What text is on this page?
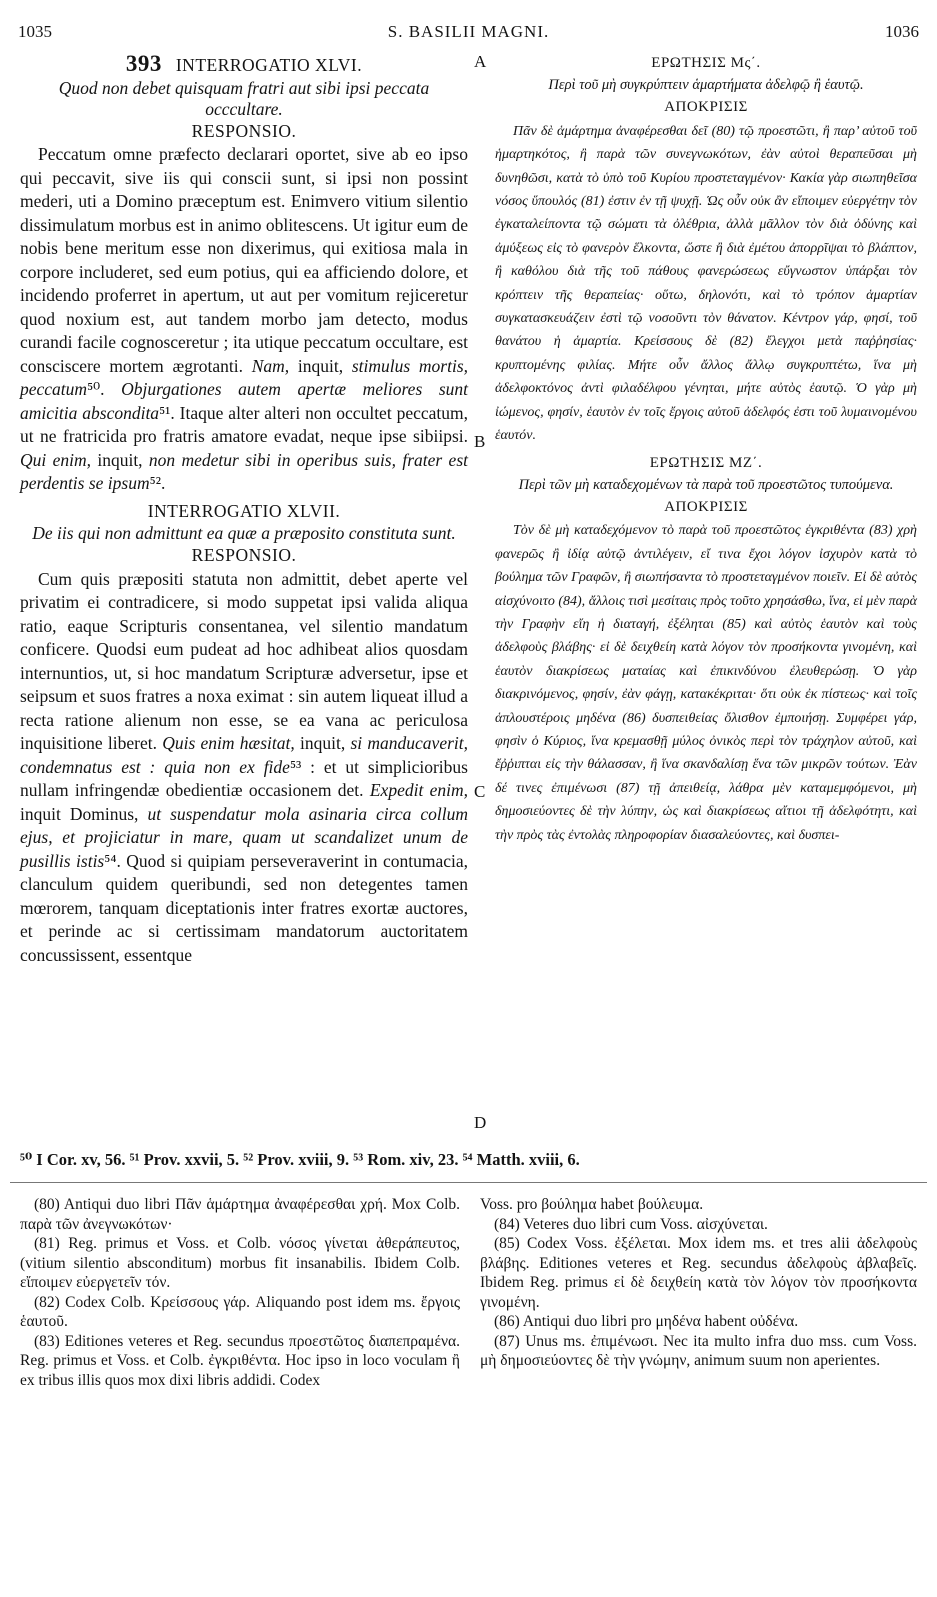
1035	S. BASILII MAGNI.	1036
A
B
C
D
393 INTERROGATIO XLVI.

Quod non debet quisquam fratri aut sibi ipsi peccata occcultare.

RESPONSIO.

Peccatum omne præfecto declarari oportet, sive ab eo ipso qui peccavit, sive iis qui conscii sunt, si ipsi non possint mederi, uti a Domino præceptum est. Enimvero vitium silentio dissimulatum morbus est in animo oblitescens. Ut igitur eum de nobis bene meritum esse non dixerimus, qui exitiosa mala in corpore includeret, sed eum potius, qui ea afficiendo dolore, et incidendo proferret in apertum, ut aut per vomitum rejiceretur quod noxium est, aut tandem morbo jam detecto, modus curandi facile cognosceretur ; ita utique peccatum occultare, est consciscere mortem ægrotanti. Nam, inquit, stimulus mortis, peccatum⁵⁰. Objurgationes autem apertæ meliores sunt amicitia abscondita⁵¹. Itaque alter alteri non occultet peccatum, ut ne fratricida pro fratris amatore evadat, neque ipse sibiipsi. Qui enim, inquit, non medetur sibi in operibus suis, frater est perdentis se ipsum⁵².

INTERROGATIO XLVII.

De iis qui non admittunt ea quæ a præposito constituta sunt.

RESPONSIO.

Cum quis præpositi statuta non admittit, debet aperte vel privatim ei contradicere, si modo suppetat ipsi valida aliqua ratio, eaque Scripturis consentanea, vel silentio mandatum conficere. Quodsi eum pudeat ad hoc adhibeat alios quosdam internuntios, ut, si hoc mandatum Scripturæ adversetur, ipse et seipsum et suos fratres a noxa eximat : sin autem liqueat illud a recta ratione alienum non esse, se ea vana ac periculosa inquisitione liberet. Quis enim hæsitat, inquit, si manducaverit, condemnatus est : quia non ex fide⁵³ : et ut simplicioribus nullam infringendæ obedientiæ occasionem det. Expedit enim, inquit Dominus, ut suspendatur mola asinaria circa collum ejus, et projiciatur in mare, quam ut scandalizet unum de pusillis istis⁵⁴. Quod si quipiam perseveraverint in contumacia, clanculum quidem queribundi, sed non detegentes tamen mœrorem, tanquam diceptationis inter fratres exortæ auctores, et perinde ac si certissimam mandatorum auctoritatem concussissent, essentque

ΕΡΩΤΗΣΙΣ Μς΄.

Περὶ τοῦ μὴ συγκρύπτειν ἁμαρτήματα ἀδελφῷ ἢ ἑαυτῷ.

ΑΠΟΚΡΙΣΙΣ

Πᾶν δὲ ἁμάρτημα ἀναφέρεσθαι δεῖ (80) τῷ προεστῶτι, ἢ παρ’ αὐτοῦ τοῦ ἡμαρτηκότος, ἢ παρὰ τῶν συνεγνωκότων, ἐὰν αὐτοὶ θεραπεῦσαι μὴ δυνηθῶσι, κατὰ τὸ ὑπὸ τοῦ Κυρίου προστεταγμένον· Κακία γὰρ σιωπηθεῖσα νόσος ὕπουλός (81) ἐστιν ἐν τῇ ψυχῇ. Ὡς οὖν οὐκ ἂν εἴποιμεν εὐεργέτην τὸν ἐγκαταλείποντα τῷ σώματι τὰ ὀλέθρια, ἀλλὰ μᾶλλον τὸν διὰ ὀδύνης καὶ ἀμύξεως εἰς τὸ φανερὸν ἕλκοντα, ὥστε ἢ διὰ ἐμέτου ἀπορρῖψαι τὸ βλάπτον, ἢ καθόλου διὰ τῆς τοῦ πάθους φανερώσεως εὔγνωστον ὑπάρξαι τὸν κρόπτειν τῆς θεραπείας· οὕτω, δηλονότι, καὶ τὸ τρόπον ἁμαρτίαν συγκατασκευάζειν ἐστὶ τῷ νοσοῦντι τὸν θάνατον. Κέντρον γάρ, φησί, τοῦ θανάτου ἡ ἁμαρτία. Κρείσσους δὲ (82) ἔλεγχοι μετὰ παῤῥησίας· κρυπτομένης φιλίας. Μήτε οὖν ἄλλος ἄλλῳ συγκρυπτέτω, ἵνα μὴ ἀδελφοκτόνος ἀντὶ φιλαδέλφου γένηται, μήτε αὐτὸς ἑαυτῷ. Ὁ γὰρ μὴ ἰώμενος, φησίν, ἑαυτὸν ἐν τοῖς ἔργοις αὐτοῦ ἀδελφός ἐστι τοῦ λυμαινομένου ἑαυτόν.

ΕΡΩΤΗΣΙΣ ΜΖ΄.

Περὶ τῶν μὴ καταδεχομένων τὰ παρὰ τοῦ προεστῶτος τυπούμενα.

ΑΠΟΚΡΙΣΙΣ

Τὸν δὲ μὴ καταδεχόμενον τὸ παρὰ τοῦ προεστῶτος ἐγκριθέντα (83) χρὴ φανερῶς ἢ ἰδίᾳ αὐτῷ ἀντιλέγειν, εἴ τινα ἔχοι λόγον ἰσχυρὸν κατὰ τὸ βούλημα τῶν Γραφῶν, ἢ σιωπήσαντα τὸ προστεταγμένον ποιεῖν. Εἰ δὲ αὐτὸς αἰσχύνοιτο (84), ἄλλοις τισὶ μεσίταις πρὸς τοῦτο χρησάσθω, ἵνα, εἰ μὲν παρὰ τὴν Γραφὴν εἴη ἡ διαταγή, ἐξέληται (85) καὶ αὐτὸς ἑαυτὸν καὶ τοὺς ἀδελφοὺς βλάβης· εἰ δὲ δειχθείη κατὰ λόγον τὸν προσήκοντα γινομένη, καὶ ἑαυτὸν διακρίσεως ματαίας καὶ ἐπικινδύνου ἐλευθερώσῃ. Ὁ γὰρ διακρινόμενος, φησίν, ἐὰν φάγῃ, κατακέκριται· ὅτι οὐκ ἐκ πίστεως· καὶ τοῖς ἁπλουστέροις μηδένα (86) δυσπειθείας ὄλισθον ἐμποιήσῃ. Συμφέρει γάρ, φησὶν ὁ Κύριος, ἵνα κρεμασθῇ μύλος ὀνικὸς περὶ τὸν τράχηλον αὐτοῦ, καὶ ἔῤῥιπται εἰς τὴν θάλασσαν, ἢ ἵνα σκανδαλίσῃ ἕνα τῶν μικρῶν τούτων. Ἐὰν δέ τινες ἐπιμένωσι (87) τῇ ἀπειθείᾳ, λάθρα μὲν καταμεμφόμενοι, μὴ δημοσιεύοντες δὲ τὴν λύπην, ὡς καὶ διακρίσεως αἴτιοι τῇ ἀδελφότητι, καὶ τὴν πρὸς τὰς ἐντολὰς πληροφορίαν διασαλεύοντες, καὶ δυσπει-

⁵⁰ I Cor. xv, 56. ⁵¹ Prov. xxvii, 5. ⁵² Prov. xviii, 9. ⁵³ Rom. xiv, 23. ⁵⁴ Matth. xviii, 6.

(80) Antiqui duo libri Πᾶν ἁμάρτημα ἀναφέρεσθαι χρή. Mox Colb. παρὰ τῶν ἀνεγνωκότων·

(81) Reg. primus et Voss. et Colb. νόσος γίνεται ἀθεράπευτος, (vitium silentio absconditum) morbus fit insanabilis. Ibidem Colb. εἴποιμεν εὐεργετεῖν τόν.

(82) Codex Colb. Κρείσσους γάρ. Aliquando post idem ms. ἔργοις ἑαυτοῦ.

(83) Editiones veteres et Reg. secundus προεστῶτος διαπεπραμένα. Reg. primus et Voss. et Colb. ἐγκριθέντα. Hoc ipso in loco voculam ἢ ex tribus illis quos mox dixi libris addidi. Codex

Voss. pro βούλημα habet βούλευμα.

(84) Veteres duo libri cum Voss. αἰσχύνεται.

(85) Codex Voss. ἐξέλεται. Mox idem ms. et tres alii ἀδελφοὺς βλάβης. Editiones veteres et Reg. secundus ἀδελφοὺς ἀβλαβεῖς. Ibidem Reg. primus εἰ δὲ δειχθείη κατὰ τὸν λόγον τὸν προσήκοντα γινομένη.

(86) Antiqui duo libri pro μηδένα habent οὐδένα.

(87) Unus ms. ἐπιμένωσι. Nec ita multo infra duo mss. cum Voss. μὴ δημοσιεύοντες δὲ τὴν γνώμην, animum suum non aperientes.
